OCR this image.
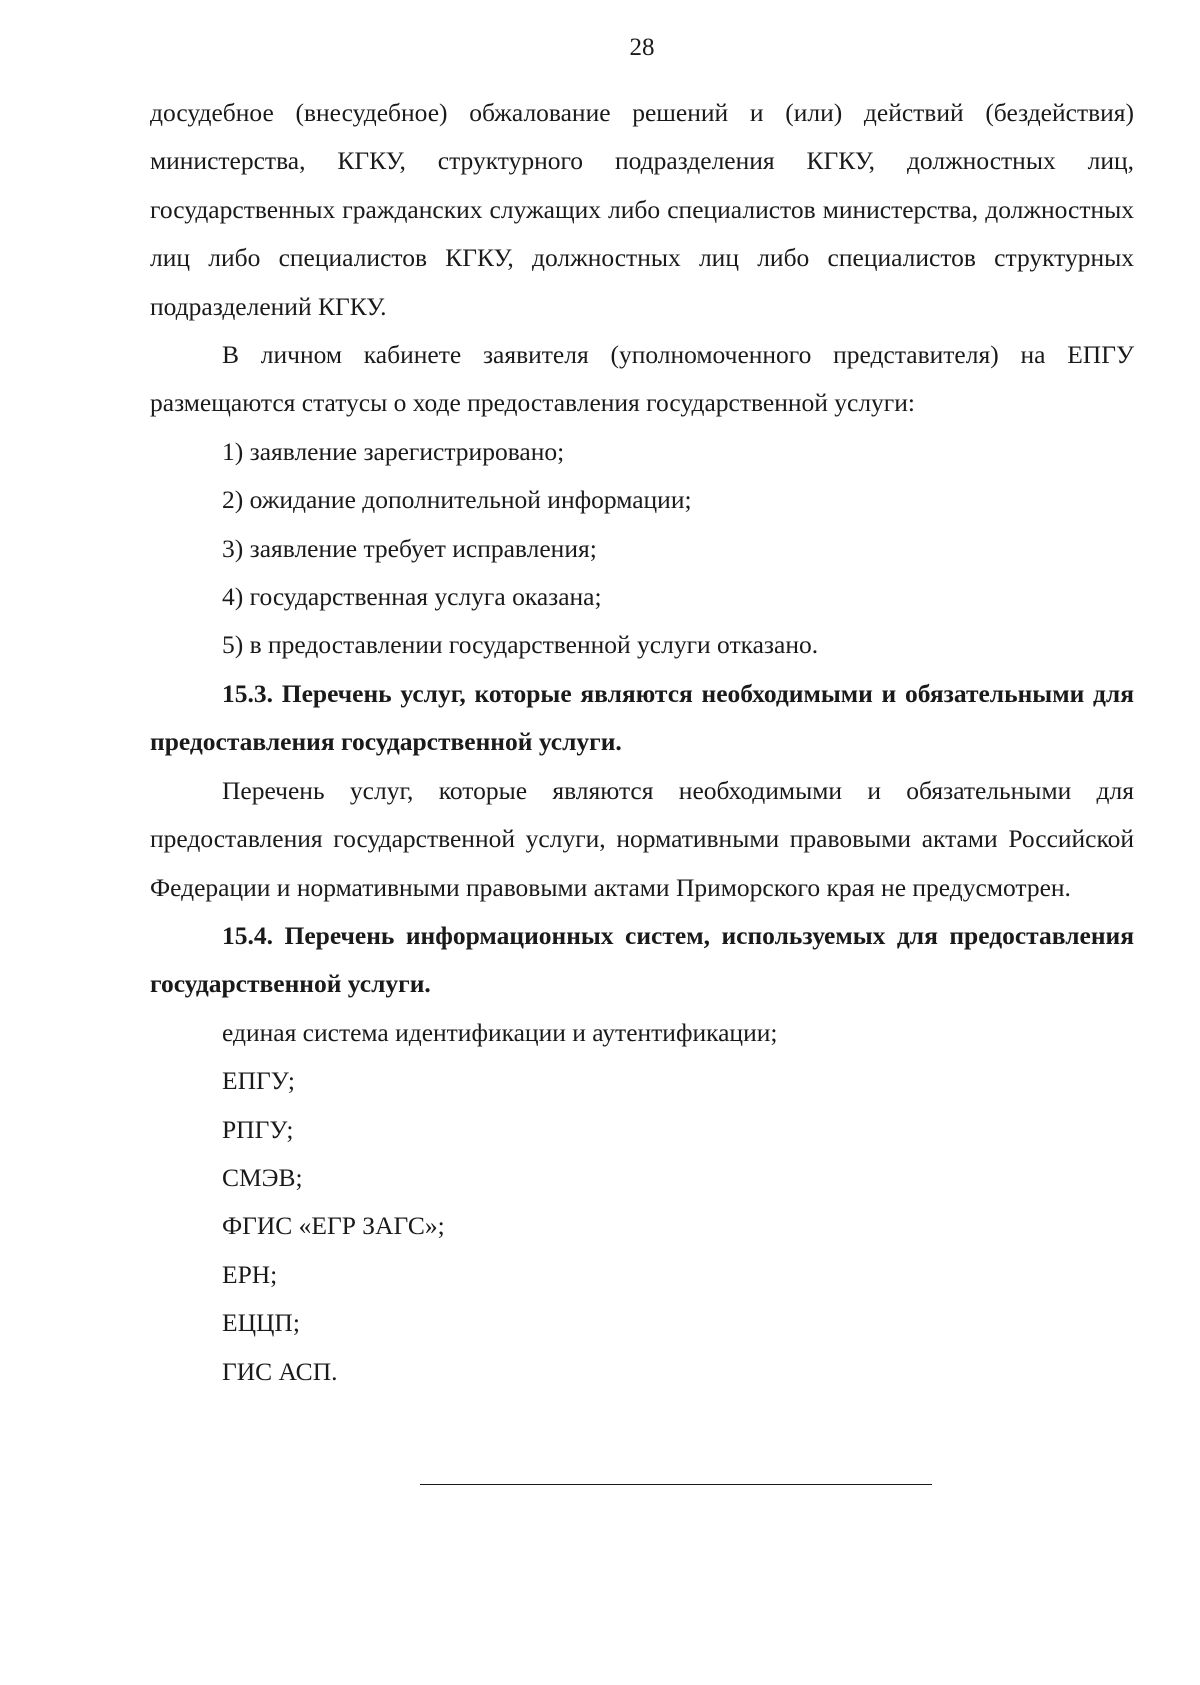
28

досудебное (внесудебное) обжалование решений и (или) действий (бездействия) министерства, КГКУ, структурного подразделения КГКУ, должностных лиц, государственных гражданских служащих либо специалистов министерства, должностных лиц либо специалистов КГКУ, должностных лиц либо специалистов структурных подразделений КГКУ.

В личном кабинете заявителя (уполномоченного представителя) на ЕПГУ размещаются статусы о ходе предоставления государственной услуги:

1) заявление зарегистрировано;

2) ожидание дополнительной информации;

3) заявление требует исправления;

4) государственная услуга оказана;

5) в предоставлении государственной услуги отказано.

15.3. Перечень услуг, которые являются необходимыми и обязательными для предоставления государственной услуги.

Перечень услуг, которые являются необходимыми и обязательными для предоставления государственной услуги, нормативными правовыми актами Российской Федерации и нормативными правовыми актами Приморского края не предусмотрен.

15.4. Перечень информационных систем, используемых для предоставления государственной услуги.

единая система идентификации и аутентификации;

ЕПГУ;

РПГУ;

СМЭВ;

ФГИС «ЕГР ЗАГС»;

ЕРН;

ЕЦЦП;

ГИС АСП.
